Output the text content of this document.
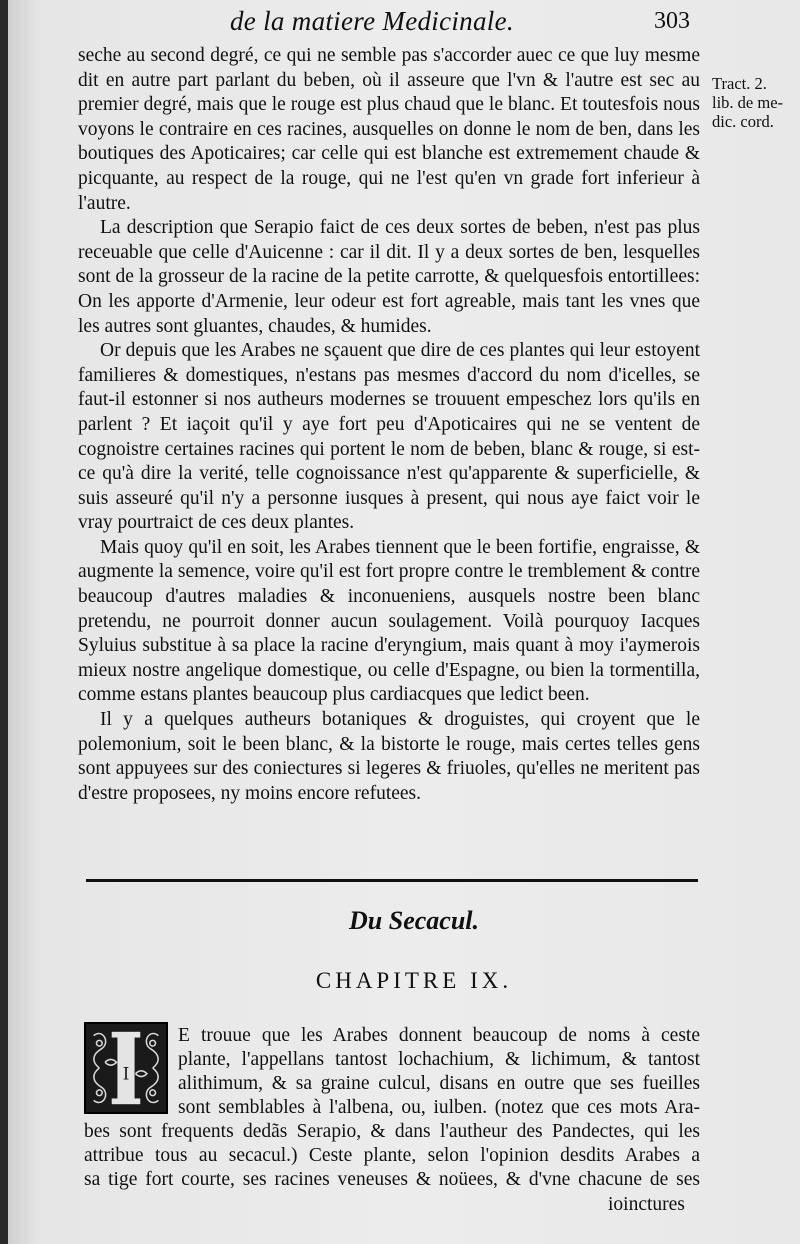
de la matiere Medicinale.	303
Tract. 2.
lib. de me-
dic. cord.

seche au second degré, ce qui ne semble pas s'accorder auec ce que luy mesme dit en autre part parlant du beben, où il asseure que l'vn & l'autre est sec au premier degré, mais que le rouge est plus chaud que le blanc. Et toutesfois nous voyons le contraire en ces racines, ausquelles on donne le nom de ben, dans les boutiques des Apoticaires; car celle qui est blanche est extremement chaude & picquante, au respect de la rouge, qui ne l'est qu'en vn grade fort inferieur à l'autre.

La description que Serapio faict de ces deux sortes de beben, n'est pas plus receuable que celle d'Auicenne : car il dit. Il y a deux sortes de ben, lesquelles sont de la grosseur de la racine de la petite carrotte, & quelquesfois entortillees: On les apporte d'Armenie, leur odeur est fort agreable, mais tant les vnes que les autres sont gluantes, chaudes, & humides.

Or depuis que les Arabes ne sçauent que dire de ces plantes qui leur estoyent familieres & domestiques, n'estans pas mesmes d'accord du nom d'icelles, se faut-il estonner si nos autheurs modernes se trouuent empeschez lors qu'ils en parlent ? Et iaçoit qu'il y aye fort peu d'Apoticaires qui ne se ventent de cognoistre certaines racines qui portent le nom de beben, blanc & rouge, si est-ce qu'à dire la verité, telle cognoissance n'est qu'apparente & superficielle, & suis asseuré qu'il n'y a personne iusques à present, qui nous aye faict voir le vray pourtraict de ces deux plantes.

Mais quoy qu'il en soit, les Arabes tiennent que le been fortifie, engraisse, & augmente la semence, voire qu'il est fort propre contre le tremblement & contre beaucoup d'autres maladies & inconueniens, ausquels nostre been blanc pretendu, ne pourroit donner aucun soulagement. Voilà pourquoy Iacques Syluius substitue à sa place la racine d'eryngium, mais quant à moy i'aymerois mieux nostre angelique domestique, ou celle d'Espagne, ou bien la tormentilla, comme estans plantes beaucoup plus cardiacques que ledict been.

Il y a quelques autheurs botaniques & droguistes, qui croyent que le polemonium, soit le been blanc, & la bistorte le rouge, mais certes telles gens sont appuyees sur des coniectures si legeres & friuoles, qu'elles ne meritent pas d'estre proposees, ny moins encore refutees.

Du Secacul.
CHAPITRE IX.
I
E trouue que les Arabes donnent beaucoup de noms à ceste
plante, l'appellans tantost lochachium, & lichimum, & tantost
alithimum, & sa graine culcul, disans en outre que ses fueilles
sont semblables à l'albena, ou, iulben. (notez que ces mots Ara-
bes sont frequents dedãs Serapio, & dans l'autheur des Pandectes, qui les
attribue tous au secacul.) Ceste plante, selon l'opinion desdits Arabes a
sa tige fort courte, ses racines veneuses & noüees, & d'vne chacune de ses
ioinctures
